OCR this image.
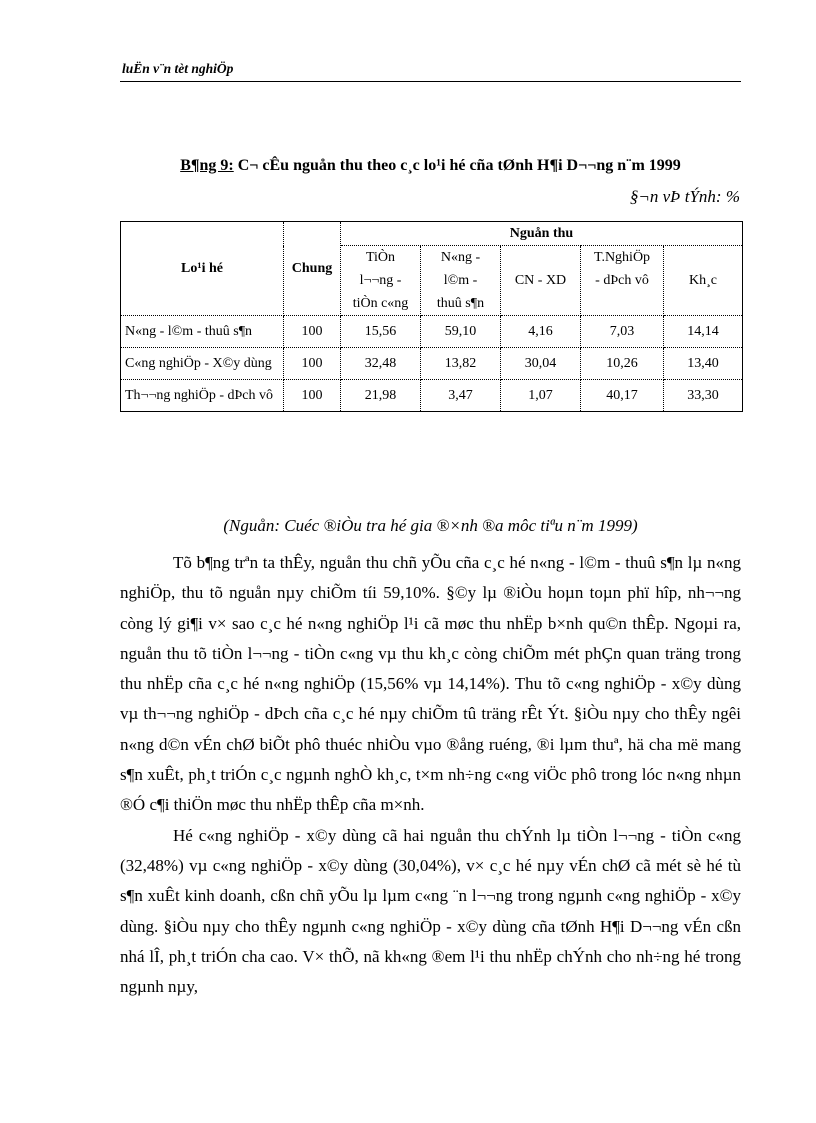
luËn v¨n tèt nghiÖp
B¶ng 9: C¬ cÊu nguån thu theo c¸c lo¹i hé cña tØnh H¶i D¬¬ng n¨m 1999
§¬n vÞ tÝnh: %
Lo¹i hé	Chung	Nguån thu				
		TiÒn l¬¬ng - tiÒn c«ng	N«ng - l©m - thuû s¶n	CN - XD	T.NghiÖp - dÞch vô	Kh¸c
N«ng - l©m - thuû s¶n	100	15,56	59,10	4,16	7,03	14,14
C«ng nghiÖp - X©y dùng	100	32,48	13,82	30,04	10,26	13,40
Th¬¬ng nghiÖp - dÞch vô	100	21,98	3,47	1,07	40,17	33,30
(Nguån: Cuéc ®iÒu tra hé gia ®×nh ®a môc tiªu n¨m 1999)

Tõ b¶ng trªn ta thÊy, nguån thu chñ yÕu cña c¸c hé n«ng - l©m - thuû s¶n lµ n«ng nghiÖp, thu tõ nguån nµy chiÕm tíi 59,10%. §©y lµ ®iÒu hoµn toµn phï hîp, nh¬¬ng còng lý gi¶i v× sao c¸c hé n«ng nghiÖp l¹i cã møc thu nhËp b×nh qu©n thÊp. Ngoµi ra, nguån thu tõ tiÒn l¬¬ng - tiÒn c«ng vµ thu kh¸c còng chiÕm mét phÇn quan träng trong thu nhËp cña c¸c hé n«ng nghiÖp (15,56% vµ 14,14%). Thu tõ c«ng nghiÖp - x©y dùng vµ th¬¬ng nghiÖp - dÞch cña c¸c hé nµy chiÕm tû träng rÊt Ýt. §iÒu nµy cho thÊy ngêi n«ng d©n vÉn chØ biÕt phô thuéc nhiÒu vµo ®ång ruéng, ®i lµm thuª, hä cha më mang s¶n xuÊt, ph¸t triÓn c¸c ngµnh nghÒ kh¸c, t×m nh÷ng c«ng viÖc phô trong lóc n«ng nhµn ®Ó c¶i thiÖn møc thu nhËp thÊp cña m×nh.

Hé c«ng nghiÖp - x©y dùng cã hai nguån thu chÝnh lµ tiÒn l¬¬ng - tiÒn c«ng (32,48%) vµ c«ng nghiÖp - x©y dùng (30,04%), v× c¸c hé nµy vÉn chØ cã mét sè hé tù s¶n xuÊt kinh doanh, cßn chñ yÕu lµ lµm c«ng ¨n l¬¬ng trong ngµnh c«ng nghiÖp - x©y dùng. §iÒu nµy cho thÊy ngµnh c«ng nghiÖp - x©y dùng cña tØnh H¶i D¬¬ng vÉn cßn nhá lÎ, ph¸t triÓn cha cao. V× thÕ, nã kh«ng ®em l¹i thu nhËp chÝnh cho nh÷ng hé trong ngµnh nµy,
